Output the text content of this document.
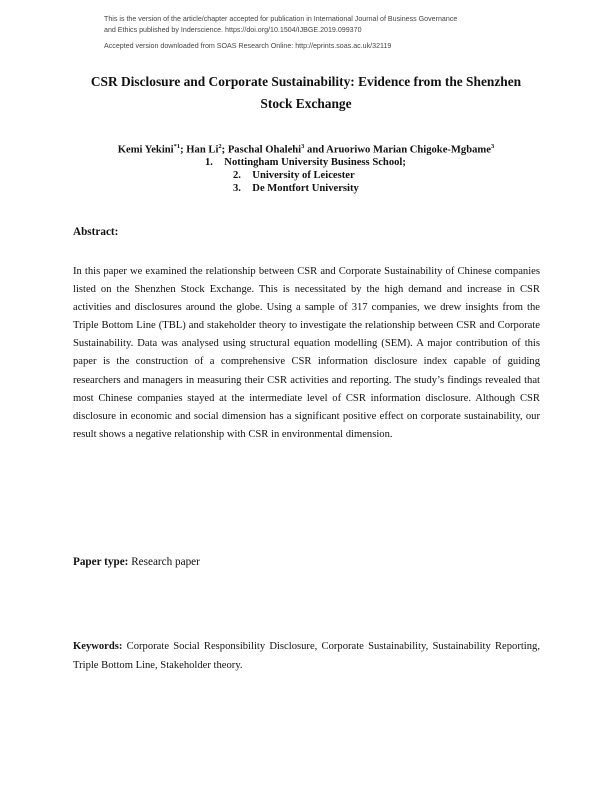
This is the version of the article/chapter accepted for publication in International Journal of Business Governance
and Ethics published by Inderscience. https://doi.org/10.1504/IJBGE.2019.099370
Accepted version downloaded from SOAS Research Online: http://eprints.soas.ac.uk/32119
CSR Disclosure and Corporate Sustainability: Evidence from the Shenzhen
Stock Exchange
Kemi Yekini$^{*1}$; Han Li$^2$; Paschal Ohalehi$^3$ and Aruoriwo Marian Chigoke-Mgbame$^3$
1. Nottingham University Business School;
2. University of Leicester
3. De Montfort University
Abstract:
In this paper we examined the relationship between CSR and Corporate Sustainability of Chinese companies listed on the Shenzhen Stock Exchange. This is necessitated by the high demand and increase in CSR activities and disclosures around the globe. Using a sample of 317 companies, we drew insights from the Triple Bottom Line (TBL) and stakeholder theory to investigate the relationship between CSR and Corporate Sustainability. Data was analysed using structural equation modelling (SEM). A major contribution of this paper is the construction of a comprehensive CSR information disclosure index capable of guiding researchers and managers in measuring their CSR activities and reporting. The study’s findings revealed that most Chinese companies stayed at the intermediate level of CSR information disclosure. Although CSR disclosure in economic and social dimension has a significant positive effect on corporate sustainability, our result shows a negative relationship with CSR in environmental dimension.
Paper type: Research paper
Keywords: Corporate Social Responsibility Disclosure, Corporate Sustainability, Sustainability Reporting, Triple Bottom Line, Stakeholder theory.
